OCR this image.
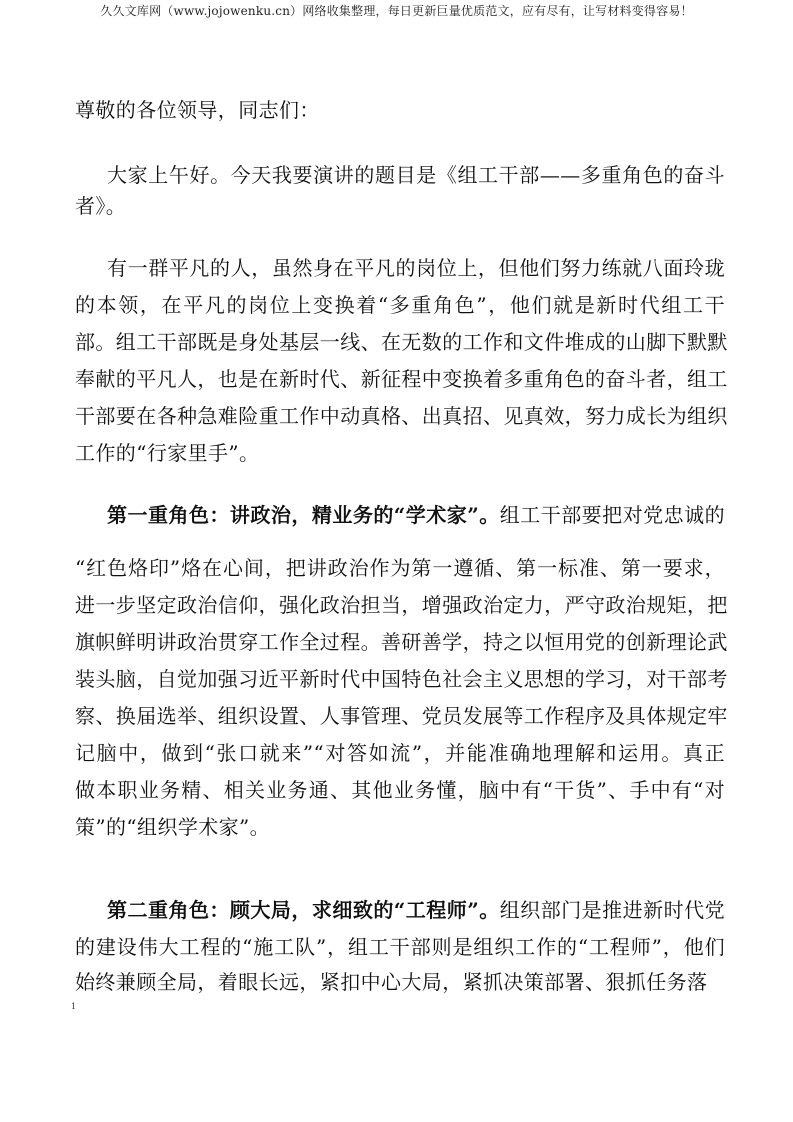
久久文库网（www.jojowenku.cn）网络收集整理，每日更新巨量优质范文，应有尽有，让写材料变得容易！
尊敬的各位领导，同志们：
大家上午好。今天我要演讲的题目是《组工干部——多重角色的奋斗
者》。
有一群平凡的人，虽然身在平凡的岗位上，但他们努力练就八面玲珑
的本领，在平凡的岗位上变换着“多重角色”，他们就是新时代组工干
部。组工干部既是身处基层一线、在无数的工作和文件堆成的山脚下默默
奉献的平凡人，也是在新时代、新征程中变换着多重角色的奋斗者，组工
干部要在各种急难险重工作中动真格、出真招、见真效，努力成长为组织
工作的“行家里手”。
第一重角色：讲政治，精业务的“学术家”。组工干部要把对党忠诚的
“红色烙印”烙在心间，把讲政治作为第一遵循、第一标准、第一要求，
进一步坚定政治信仰，强化政治担当，增强政治定力，严守政治规矩，把
旗帜鲜明讲政治贯穿工作全过程。善研善学，持之以恒用党的创新理论武
装头脑，自觉加强习近平新时代中国特色社会主义思想的学习，对干部考
察、换届选举、组织设置、人事管理、党员发展等工作程序及具体规定牢
记脑中，做到“张口就来”“对答如流”，并能准确地理解和运用。真正
做本职业务精、相关业务通、其他业务懂，脑中有“干货”、手中有“对
策”的“组织学术家”。
第二重角色：顾大局，求细致的“工程师”。组织部门是推进新时代党
的建设伟大工程的“施工队”，组工干部则是组织工作的“工程师”，他们
始终兼顾全局，着眼长远，紧扣中心大局，紧抓决策部署、狠抓任务落
1
